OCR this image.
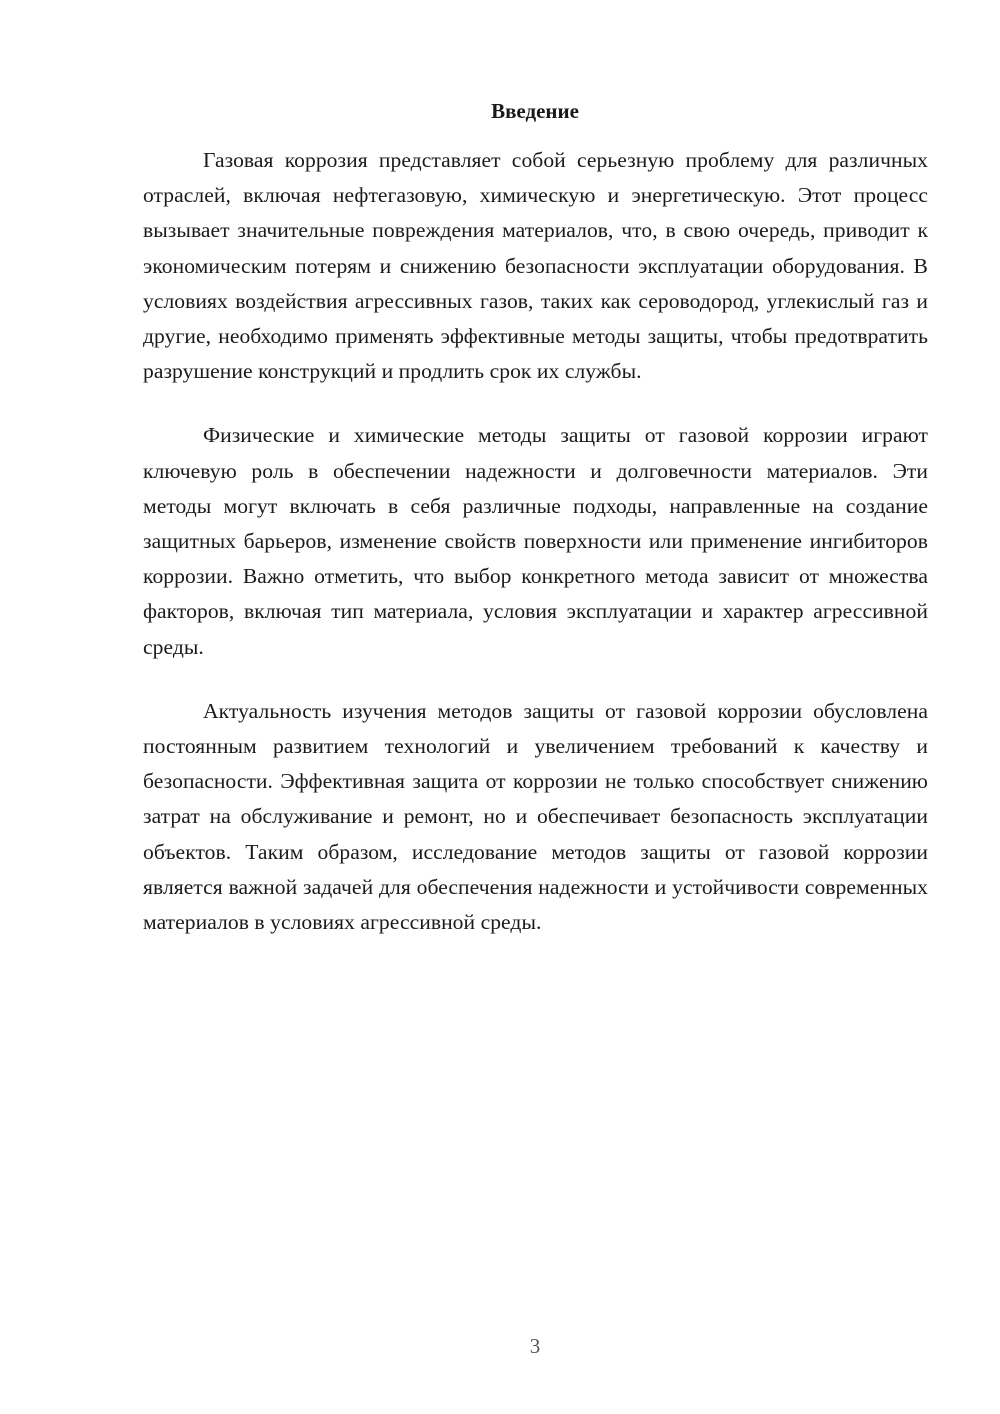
Введение

Газовая коррозия представляет собой серьезную проблему для различных отраслей, включая нефтегазовую, химическую и энергетическую. Этот процесс вызывает значительные повреждения материалов, что, в свою очередь, приводит к экономическим потерям и снижению безопасности эксплуатации оборудования. В условиях воздействия агрессивных газов, таких как сероводород, углекислый газ и другие, необходимо применять эффективные методы защиты, чтобы предотвратить разрушение конструкций и продлить срок их службы.

Физические и химические методы защиты от газовой коррозии играют ключевую роль в обеспечении надежности и долговечности материалов. Эти методы могут включать в себя различные подходы, направленные на создание защитных барьеров, изменение свойств поверхности или применение ингибиторов коррозии. Важно отметить, что выбор конкретного метода зависит от множества факторов, включая тип материала, условия эксплуатации и характер агрессивной среды.

Актуальность изучения методов защиты от газовой коррозии обусловлена постоянным развитием технологий и увеличением требований к качеству и безопасности. Эффективная защита от коррозии не только способствует снижению затрат на обслуживание и ремонт, но и обеспечивает безопасность эксплуатации объектов. Таким образом, исследование методов защиты от газовой коррозии является важной задачей для обеспечения надежности и устойчивости современных материалов в условиях агрессивной среды.

3
